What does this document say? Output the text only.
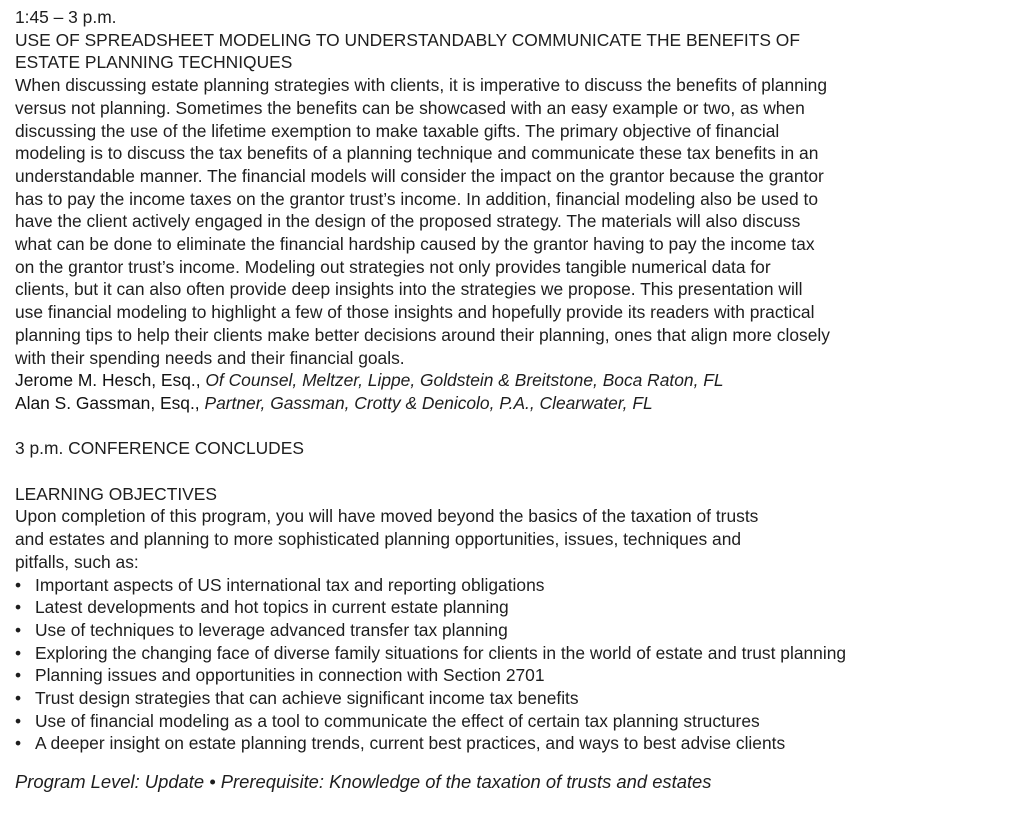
1:45 – 3 p.m.
USE OF SPREADSHEET MODELING TO UNDERSTANDABLY COMMUNICATE THE BENEFITS OF
ESTATE PLANNING TECHNIQUES
When discussing estate planning strategies with clients, it is imperative to discuss the benefits of planning
versus not planning. Sometimes the benefits can be showcased with an easy example or two, as when
discussing the use of the lifetime exemption to make taxable gifts. The primary objective of financial
modeling is to discuss the tax benefits of a planning technique and communicate these tax benefits in an
understandable manner. The financial models will consider the impact on the grantor because the grantor
has to pay the income taxes on the grantor trust’s income. In addition, financial modeling also be used to
have the client actively engaged in the design of the proposed strategy. The materials will also discuss
what can be done to eliminate the financial hardship caused by the grantor having to pay the income tax
on the grantor trust’s income. Modeling out strategies not only provides tangible numerical data for
clients, but it can also often provide deep insights into the strategies we propose. This presentation will
use financial modeling to highlight a few of those insights and hopefully provide its readers with practical
planning tips to help their clients make better decisions around their planning, ones that align more closely
with their spending needs and their financial goals.
Jerome M. Hesch, Esq., Of Counsel, Meltzer, Lippe, Goldstein & Breitstone, Boca Raton, FL
Alan S. Gassman, Esq., Partner, Gassman, Crotty & Denicolo, P.A., Clearwater, FL
3 p.m. CONFERENCE CONCLUDES
LEARNING OBJECTIVES
Upon completion of this program, you will have moved beyond the basics of the taxation of trusts
and estates and planning to more sophisticated planning opportunities, issues, techniques and
pitfalls, such as:
• Important aspects of US international tax and reporting obligations
• Latest developments and hot topics in current estate planning
• Use of techniques to leverage advanced transfer tax planning
• Exploring the changing face of diverse family situations for clients in the world of estate and trust planning
• Planning issues and opportunities in connection with Section 2701
• Trust design strategies that can achieve significant income tax benefits
• Use of financial modeling as a tool to communicate the effect of certain tax planning structures
• A deeper insight on estate planning trends, current best practices, and ways to best advise clients
Program Level: Update • Prerequisite: Knowledge of the taxation of trusts and estates
